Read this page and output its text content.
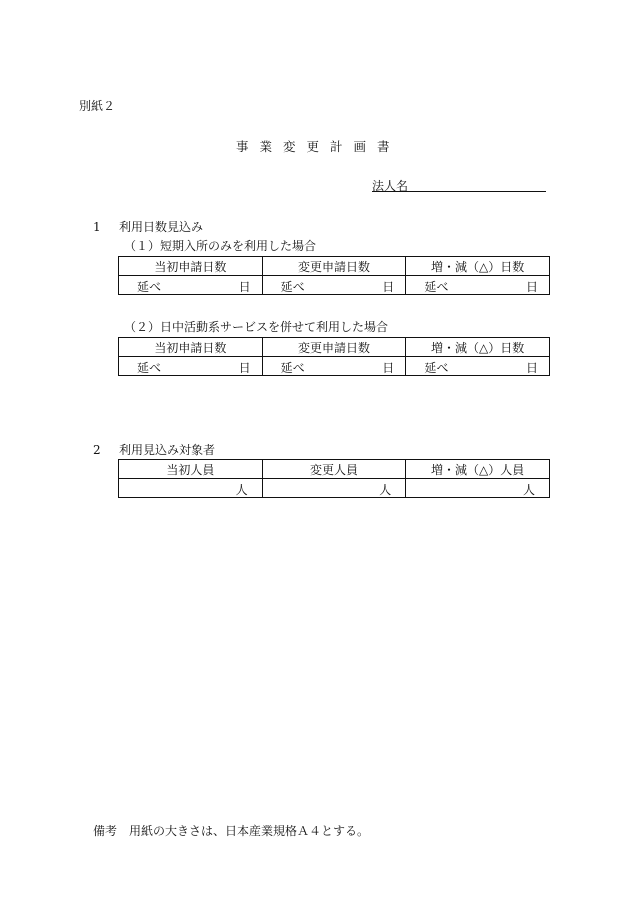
別紙２
事業変更計画書
法人名
1 利用日数見込み
（１）短期入所のみを利用した場合
当初申請日数	変更申請日数	増・減（△）日数

延べ 日	延べ 日	延べ 日
（２）日中活動系サービスを併せて利用した場合
当初申請日数	変更申請日数	増・減（△）日数

延べ 日	延べ 日	延べ 日
2 利用見込み対象者
当初人員	変更人員	増・減（△）人員

人	人	人
備考 用紙の大きさは、日本産業規格Ａ４とする。
